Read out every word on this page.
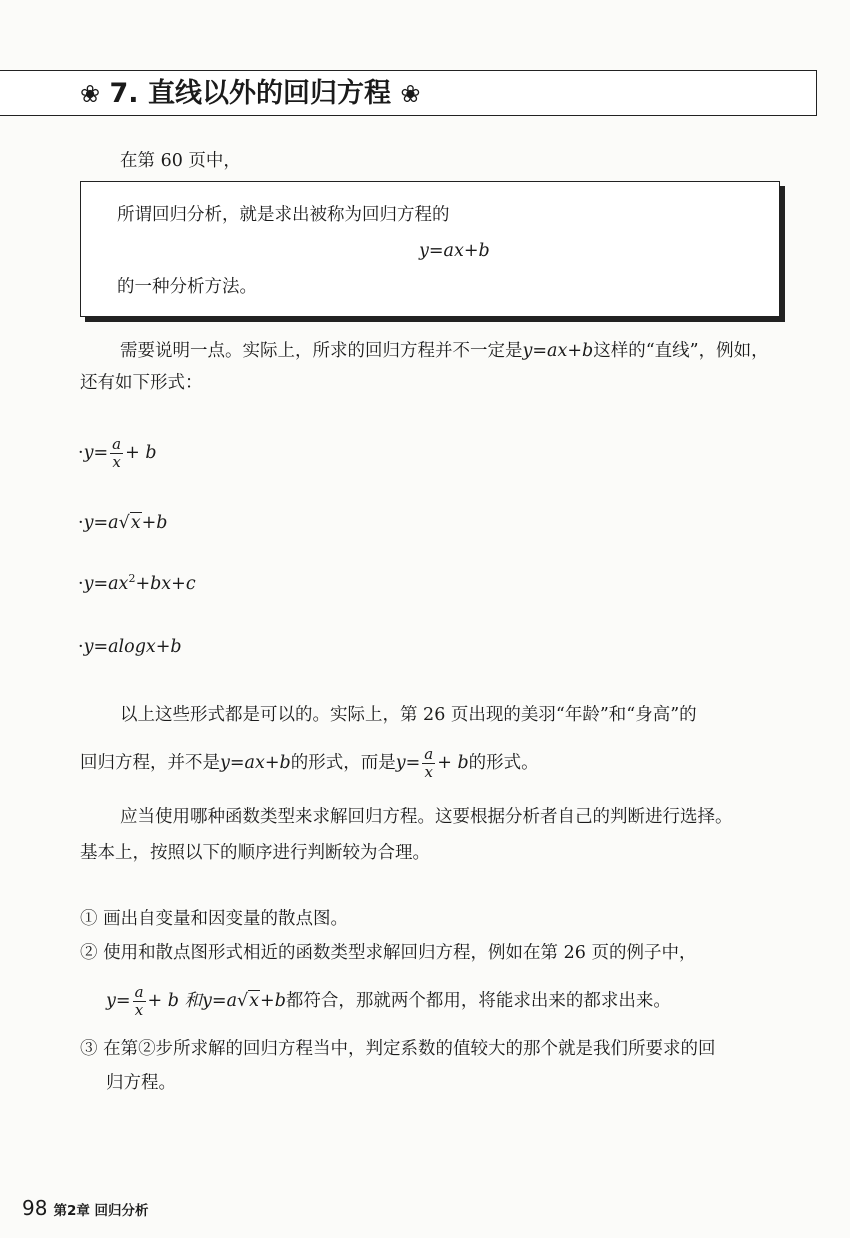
❀ 7. 直线以外的回归方程 ❀
在第 60 页中，
所谓回归分析，就是求出被称为回归方程的
y=ax+b
的一种分析方法。
需要说明一点。实际上，所求的回归方程并不一定是y=ax+b这样的“直线”，例如，
还有如下形式：
$\cdot y= \frac{a}{x} + b$
·y=a√x+b
$\cdot y=ax^2+bx+c$
·y=alogx+b
以上这些形式都是可以的。实际上，第 26 页出现的美羽“年龄”和“身高”的
回归方程，并不是y=ax+b的形式，而是$y= \frac{a}{x} + b$的形式。
应当使用哪种函数类型来求解回归方程。这要根据分析者自己的判断进行选择。
基本上，按照以下的顺序进行判断较为合理。
① 画出自变量和因变量的散点图。
② 使用和散点图形式相近的函数类型求解回归方程，例如在第 26 页的例子中，
$y= \frac{a}{x} + b$ 和y=a√x+b都符合，那就两个都用，将能求出来的都求出来。
③ 在第②步所求解的回归方程当中，判定系数的值较大的那个就是我们所要求的回
归方程。
98 第2章 回归分析
